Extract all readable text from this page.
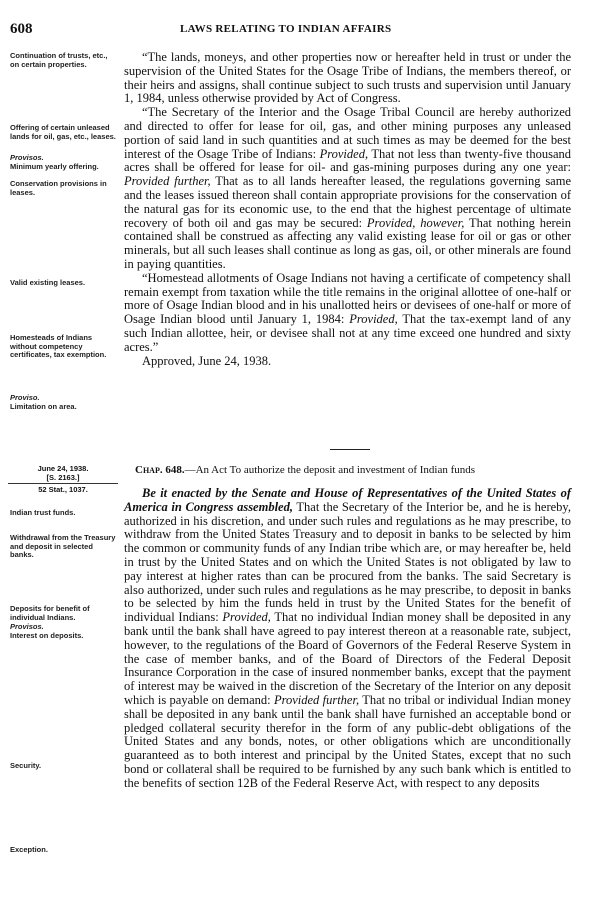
608	LAWS RELATING TO INDIAN AFFAIRS

“The lands, moneys, and other properties now or hereafter held in trust or under the supervision of the United States for the Osage Tribe of Indians, the members thereof, or their heirs and assigns, shall continue subject to such trusts and supervision until January 1, 1984, unless otherwise provided by Act of Congress.

“The Secretary of the Interior and the Osage Tribal Council are hereby authorized and directed to offer for lease for oil, gas, and other mining purposes any unleased portion of said land in such quantities and at such times as may be deemed for the best interest of the Osage Tribe of Indians: Provided, That not less than twenty-five thousand acres shall be offered for lease for oil- and gas-mining purposes during any one year: Provided further, That as to all lands hereafter leased, the regulations governing same and the leases issued thereon shall contain appropriate provisions for the conservation of the natural gas for its economic use, to the end that the highest percentage of ultimate recovery of both oil and gas may be secured: Provided, however, That nothing herein contained shall be construed as affecting any valid existing lease for oil or gas or other minerals, but all such leases shall continue as long as gas, oil, or other minerals are found in paying quantities.

“Homestead allotments of Osage Indians not having a certificate of competency shall remain exempt from taxation while the title remains in the original allottee of one-half or more of Osage Indian blood and in his unallotted heirs or devisees of one-half or more of Osage Indian blood until January 1, 1984: Provided, That the tax-exempt land of any such Indian allottee, heir, or devisee shall not at any time exceed one hundred and sixty acres.”

Approved, June 24, 1938.

Chap. 648.—An Act To authorize the deposit and investment of Indian funds

Be it enacted by the Senate and House of Representatives of the United States of America in Congress assembled, That the Secretary of the Interior be, and he is hereby, authorized in his discretion, and under such rules and regulations as he may prescribe, to withdraw from the United States Treasury and to deposit in banks to be selected by him the common or community funds of any Indian tribe which are, or may hereafter be, held in trust by the United States and on which the United States is not obligated by law to pay interest at higher rates than can be procured from the banks. The said Secretary is also authorized, under such rules and regulations as he may prescribe, to deposit in banks to be selected by him the funds held in trust by the United States for the benefit of individual Indians: Provided, That no individual Indian money shall be deposited in any bank until the bank shall have agreed to pay interest thereon at a reasonable rate, subject, however, to the regulations of the Board of Governors of the Federal Reserve System in the case of member banks, and of the Board of Directors of the Federal Deposit Insurance Corporation in the case of insured nonmember banks, except that the payment of interest may be waived in the discretion of the Secretary of the Interior on any deposit which is payable on demand: Provided further, That no tribal or individual Indian money shall be deposited in any bank until the bank shall have furnished an acceptable bond or pledged collateral security therefor in the form of any public-debt obligations of the United States and any bonds, notes, or other obligations which are unconditionally guaranteed as to both interest and principal by the United States, except that no such bond or collateral shall be required to be furnished by any such bank which is entitled to the benefits of section 12B of the Federal Reserve Act, with respect to any deposits

Continuation of trusts, etc., on certain properties.
Offering of certain unleased lands for oil, gas, etc., leases.
Provisos.
Minimum yearly offering.
Conservation provisions in leases.
Valid existing leases.
Homesteads of Indians without competency certificates, tax exemption.
Proviso.
Limitation on area.
June 24, 1938.
[S. 2163.]
52 Stat., 1037.
Indian trust funds.
Withdrawal from the Treasury and deposit in selected banks.
Deposits for benefit of individual Indians.
Provisos.
Interest on deposits.
Security.
Exception.
